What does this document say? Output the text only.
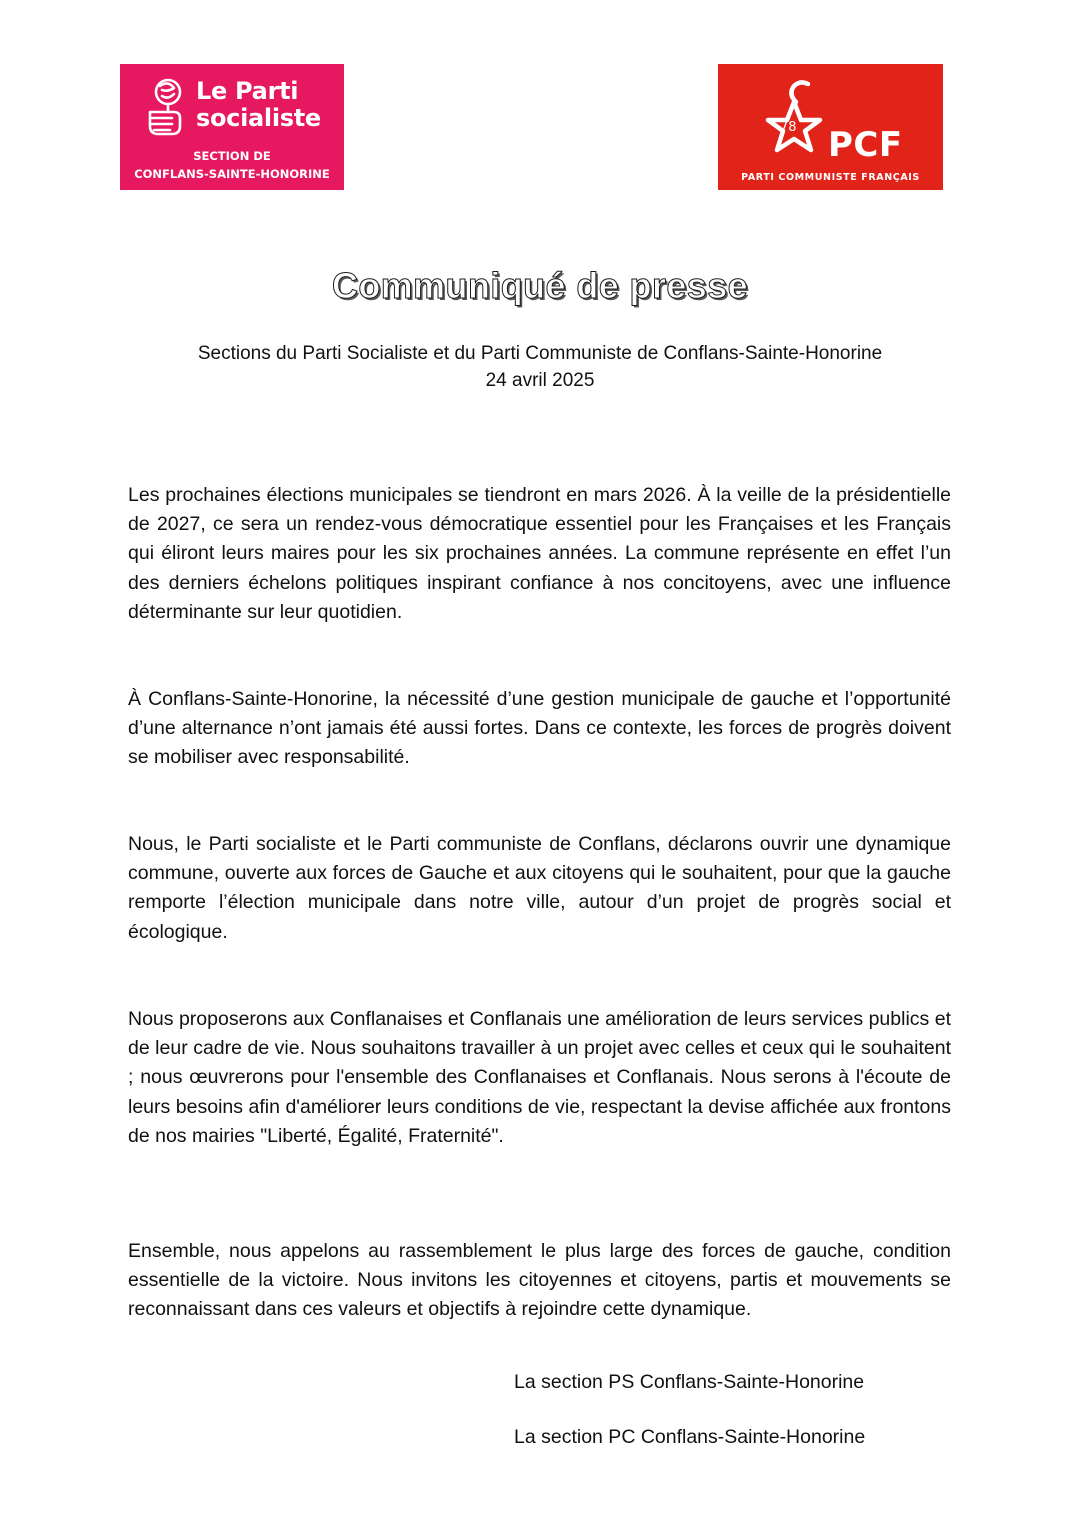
Le Parti
socialiste
SECTION DE
CONFLANS-SAINTE-HONORINE
78 PCF
PARTI COMMUNISTE FRANÇAIS
Communiqué de presse
Sections du Parti Socialiste et du Parti Communiste de Conflans-Sainte-Honorine
24 avril 2025

Les prochaines élections municipales se tiendront en mars 2026. À la veille de la présidentielle de 2027, ce sera un rendez-vous démocratique essentiel pour les Françaises et les Français qui éliront leurs maires pour les six prochaines années. La commune représente en effet l’un des derniers échelons politiques inspirant confiance à nos concitoyens, avec une influence déterminante sur leur quotidien.

À Conflans-Sainte-Honorine, la nécessité d’une gestion municipale de gauche et l’opportunité d’une alternance n’ont jamais été aussi fortes. Dans ce contexte, les forces de progrès doivent se mobiliser avec responsabilité.

Nous, le Parti socialiste et le Parti communiste de Conflans, déclarons ouvrir une dynamique commune, ouverte aux forces de Gauche et aux citoyens qui le souhaitent, pour que la gauche remporte l’élection municipale dans notre ville, autour d’un projet de progrès social et écologique.

Nous proposerons aux Conflanaises et Conflanais une amélioration de leurs services publics et de leur cadre de vie. Nous souhaitons travailler à un projet avec celles et ceux qui le souhaitent ; nous œuvrerons pour l'ensemble des Conflanaises et Conflanais. Nous serons à l'écoute de leurs besoins afin d'améliorer leurs conditions de vie, respectant la devise affichée aux frontons de nos mairies "Liberté, Égalité, Fraternité".

Ensemble, nous appelons au rassemblement le plus large des forces de gauche, condition essentielle de la victoire. Nous invitons les citoyennes et citoyens, partis et mouvements se reconnaissant dans ces valeurs et objectifs à rejoindre cette dynamique.

La section PS Conflans-Sainte-Honorine
La section PC Conflans-Sainte-Honorine
